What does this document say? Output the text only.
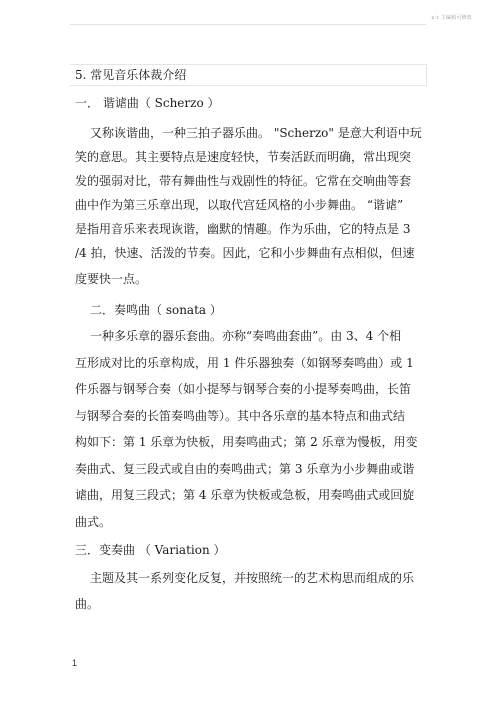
n'r 主编辑可修改

5. 常见音乐体裁介绍

一． 谐谑曲（ Scherzo ）

又称诙谐曲，一种三拍子器乐曲。 "Scherzo" 是意大利语中玩

笑的意思。其主要特点是速度轻快，节奏活跃而明确，常出现突

发的强弱对比，带有舞曲性与戏剧性的特征。它常在交响曲等套

曲中作为第三乐章出现，以取代宫廷风格的小步舞曲。 “谐谑”

是指用音乐来表现诙谐，幽默的情趣。作为乐曲，它的特点是 3

/4 拍，快速、活泼的节奏。因此，它和小步舞曲有点相似，但速

度要快一点。

二．奏鸣曲（ sonata ）

一种多乐章的器乐套曲。亦称“奏鸣曲套曲”。由 3、4 个相

互形成对比的乐章构成，用 1 件乐器独奏（如钢琴奏鸣曲）或 1

件乐器与钢琴合奏（如小提琴与钢琴合奏的小提琴奏鸣曲，长笛

与钢琴合奏的长笛奏鸣曲等）。其中各乐章的基本特点和曲式结

构如下：第 1 乐章为快板，用奏鸣曲式；第 2 乐章为慢板，用变

奏曲式、复三段式或自由的奏鸣曲式；第 3 乐章为小步舞曲或谐

谑曲，用复三段式；第 4 乐章为快板或急板，用奏鸣曲式或回旋

曲式。

三．变奏曲 （ Variation ）

主题及其一系列变化反复，并按照统一的艺术构思而组成的乐

曲。

1
